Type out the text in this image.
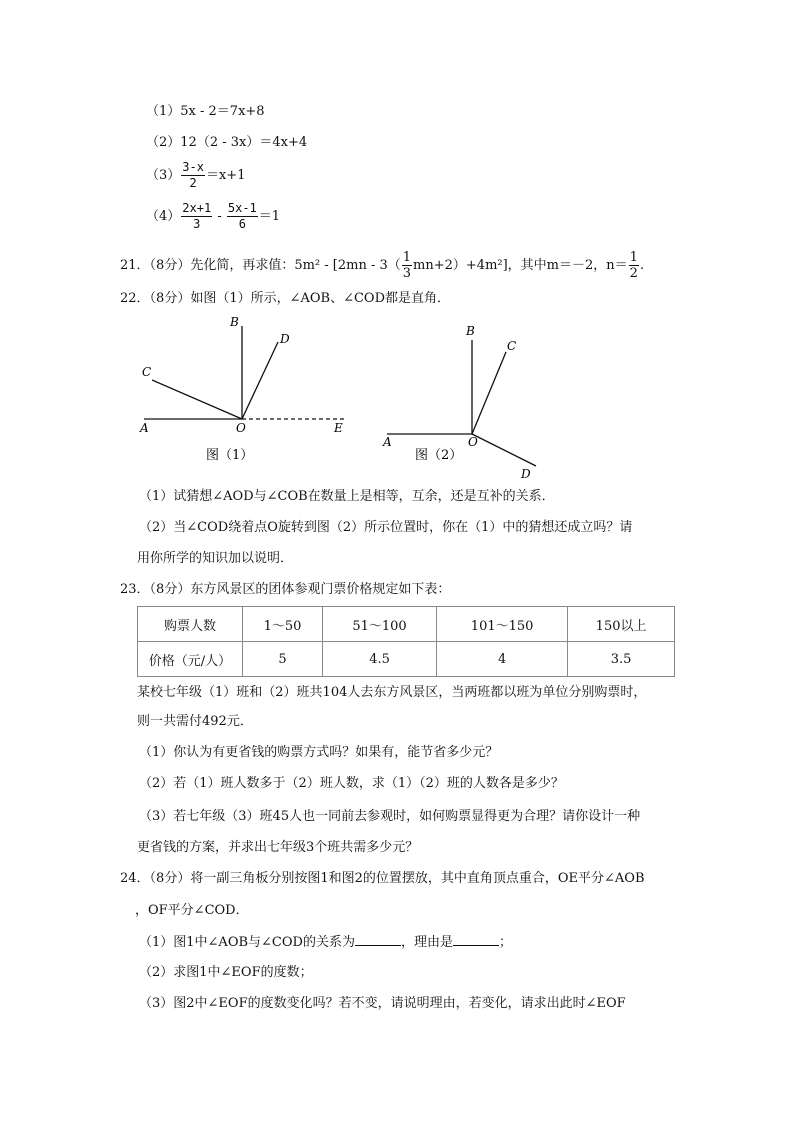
（1）5x - 2＝7x+8
（2）12（2 - 3x）＝4x+4
$(3) \frac{3-x}{2} =x+1$
$(4) \frac{2x+1}{3} - \frac{5x-1}{6} =1$
21．（8分）先化简，再求值：$5m^2 - [2mn - 3( \frac{1}{3} mn+2)+4m^2]$，其中m＝－2，$n= \frac{1}{2}$ .
22．（8分）如图（1）所示，∠AOB、∠COD都是直角．
B
D
C
A	O	E
图（1）
B
C
A	O
D
图（2）
（1）试猜想∠AOD与∠COB在数量上是相等，互余，还是互补的关系．
（2）当∠COD绕着点O旋转到图（2）所示位置时，你在（1）中的猜想还成立吗？请
用你所学的知识加以说明．
23．（8分）东方风景区的团体参观门票价格规定如下表：
购票人数	1～50	51～100	101～150	150以上
价格（元/人）	5	4.5	4	3.5
某校七年级（1）班和（2）班共104人去东方风景区，当两班都以班为单位分别购票时，
则一共需付492元．
（1）你认为有更省钱的购票方式吗？如果有，能节省多少元？
（2）若（1）班人数多于（2）班人数，求（1）（2）班的人数各是多少？
（3）若七年级（3）班45人也一同前去参观时，如何购票显得更为合理？请你设计一种
更省钱的方案，并求出七年级3个班共需多少元？
24．（8分）将一副三角板分别按图1和图2的位置摆放，其中直角顶点重合，OE平分∠AOB
，OF平分∠COD．
（1）图1中∠AOB与∠COD的关系为	，理由是	；
（2）求图1中∠EOF的度数；
（3）图2中∠EOF的度数变化吗？若不变，请说明理由，若变化，请求出此时∠EOF
